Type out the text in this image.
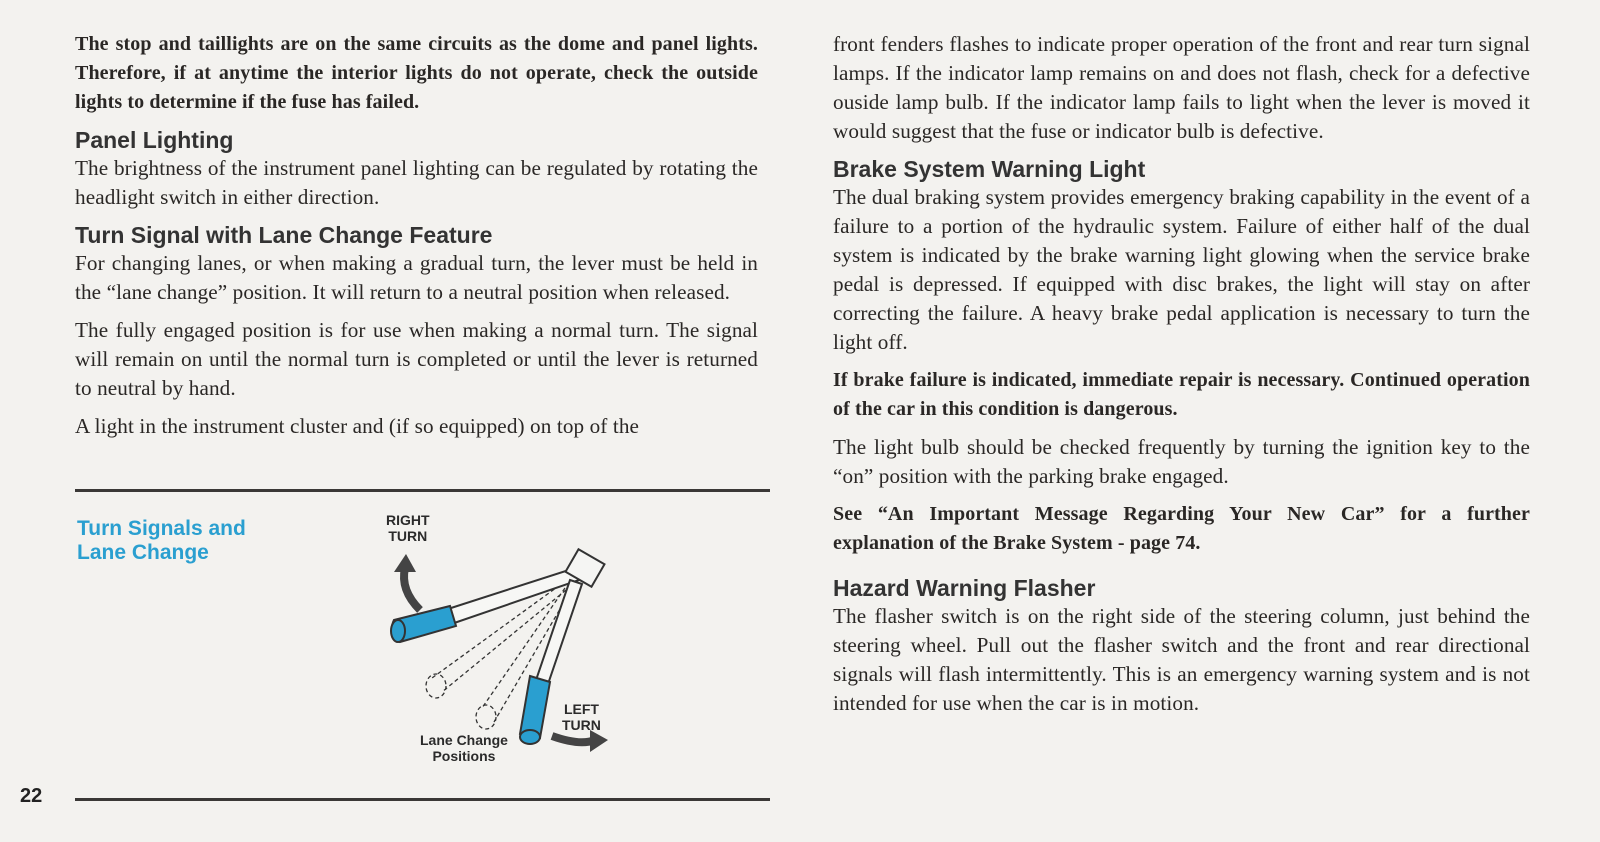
The stop and taillights are on the same circuits as the dome and panel lights. Therefore, if at anytime the interior lights do not operate, check the outside lights to determine if the fuse has failed.

Panel Lighting

The brightness of the instrument panel lighting can be regulated by rotating the headlight switch in either direction.

Turn Signal with Lane Change Feature

For changing lanes, or when making a gradual turn, the lever must be held in the “lane change” position. It will return to a neutral position when released.

The fully engaged position is for use when making a normal turn. The signal will remain on until the normal turn is completed or until the lever is returned to neutral by hand.

A light in the instrument cluster and (if so equipped) on top of the

Turn Signals and
Lane Change
RIGHT
TURN
LEFT
TURN
Lane Change
Positions
22

front fenders flashes to indicate proper operation of the front and rear turn signal lamps. If the indicator lamp remains on and does not flash, check for a defective ouside lamp bulb. If the indicator lamp fails to light when the lever is moved it would suggest that the fuse or indicator bulb is defective.

Brake System Warning Light

The dual braking system provides emergency braking capability in the event of a failure to a portion of the hydraulic system. Failure of either half of the dual system is indicated by the brake warning light glowing when the service brake pedal is depressed. If equipped with disc brakes, the light will stay on after correcting the failure. A heavy brake pedal application is necessary to turn the light off.

If brake failure is indicated, immediate repair is necessary. Continued operation of the car in this condition is dangerous.

The light bulb should be checked frequently by turning the ignition key to the “on” position with the parking brake engaged.

See “An Important Message Regarding Your New Car” for a further explanation of the Brake System - page 74.

Hazard Warning Flasher

The flasher switch is on the right side of the steering column, just behind the steering wheel. Pull out the flasher switch and the front and rear directional signals will flash intermittently. This is an emergency warning system and is not intended for use when the car is in motion.
